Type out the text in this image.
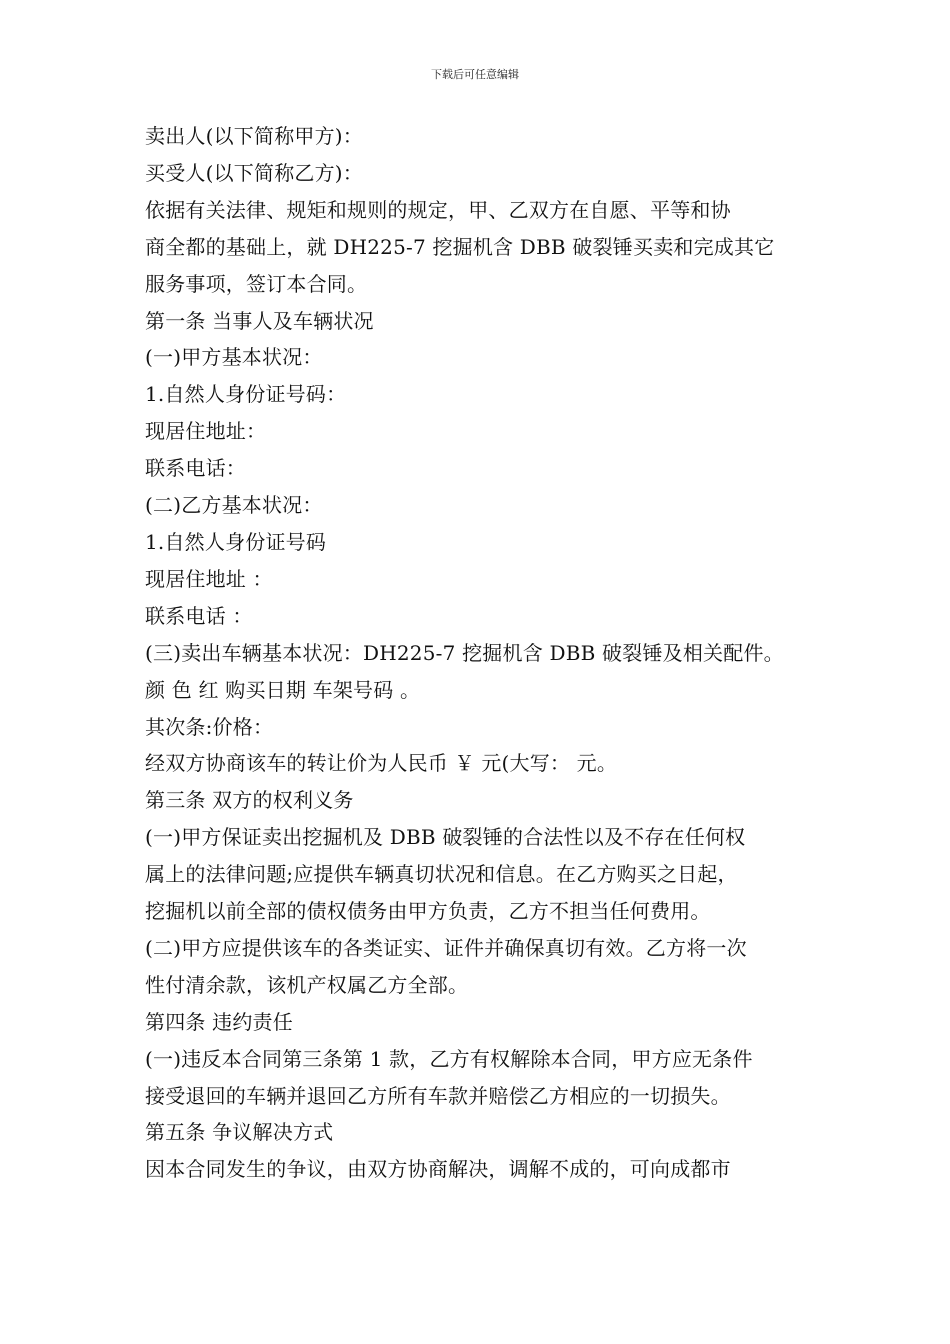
下载后可任意编辑

卖出人(以下简称甲方)：

买受人(以下简称乙方)：

依据有关法律、规矩和规则的规定，甲、乙双方在自愿、平等和协

商全都的基础上，就 DH225-7 挖掘机含 DBB 破裂锤买卖和完成其它

服务事项，签订本合同。

第一条 当事人及车辆状况

(一)甲方基本状况：

1.自然人身份证号码：

现居住地址：

联系电话：

(二)乙方基本状况：

1.自然人身份证号码

现居住地址 ：

联系电话 ：

(三)卖出车辆基本状况：DH225-7 挖掘机含 DBB 破裂锤及相关配件。

颜 色 红 购买日期 车架号码 。

其次条:价格：

经双方协商该车的转让价为人民币 ￥ 元(大写： 元。

第三条 双方的权利义务

(一)甲方保证卖出挖掘机及 DBB 破裂锤的合法性以及不存在任何权

属上的法律问题;应提供车辆真切状况和信息。在乙方购买之日起，

挖掘机以前全部的债权债务由甲方负责，乙方不担当任何费用。

(二)甲方应提供该车的各类证实、证件并确保真切有效。乙方将一次

性付清余款，该机产权属乙方全部。

第四条 违约责任

(一)违反本合同第三条第 1 款，乙方有权解除本合同，甲方应无条件

接受退回的车辆并退回乙方所有车款并赔偿乙方相应的一切损失。

第五条 争议解决方式

因本合同发生的争议，由双方协商解决，调解不成的，可向成都市
